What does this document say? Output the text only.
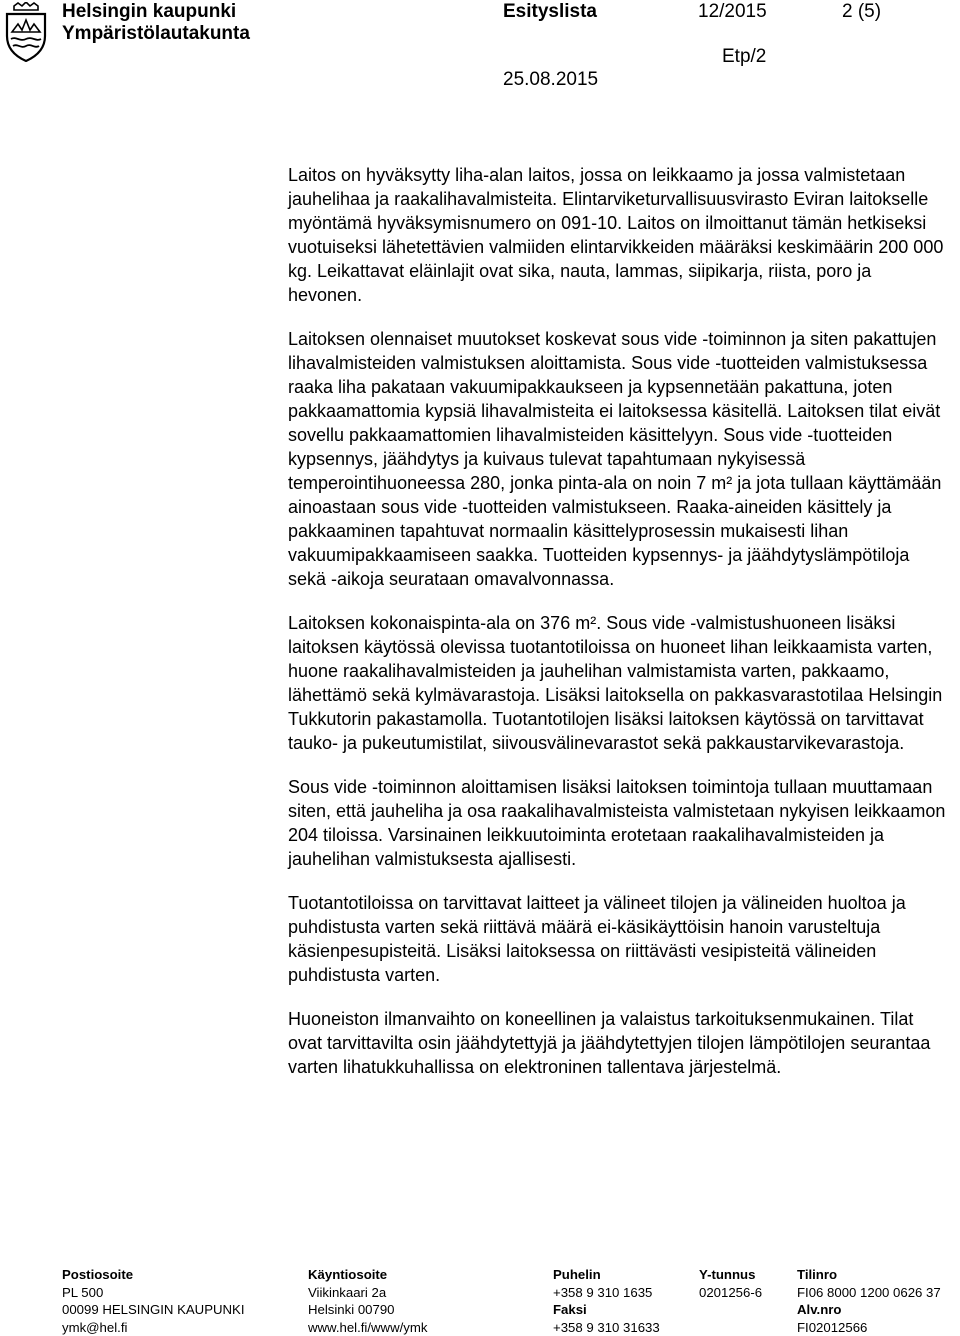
Helsingin kaupunki
Ympäristölautakunta
Esityslista	12/2015	2 (5)
Etp/2
25.08.2015

Laitos on hyväksytty liha-alan laitos, jossa on leikkaamo ja jossa valmistetaan jauhelihaa ja raakalihavalmisteita. Elintarviketurvallisuusvirasto Eviran laitokselle myöntämä hyväksymisnumero on 091-10. Laitos on ilmoittanut tämän hetkiseksi vuotuiseksi lähetettävien valmiiden elintarvikkeiden määräksi keskimäärin 200 000 kg. Leikattavat eläinlajit ovat sika, nauta, lammas, siipikarja, riista, poro ja hevonen.

Laitoksen olennaiset muutokset koskevat sous vide -toiminnon ja siten pakattujen lihavalmisteiden valmistuksen aloittamista. Sous vide -tuotteiden valmistuksessa raaka liha pakataan vakuumipakkaukseen ja kypsennetään pakattuna, joten pakkaamattomia kypsiä lihavalmisteita ei laitoksessa käsitellä. Laitoksen tilat eivät sovellu pakkaamattomien lihavalmisteiden käsittelyyn. Sous vide -tuotteiden kypsennys, jäähdytys ja kuivaus tulevat tapahtumaan nykyisessä temperointihuoneessa 280, jonka pinta-ala on noin 7 m² ja jota tullaan käyttämään ainoastaan sous vide -tuotteiden valmistukseen. Raaka-aineiden käsittely ja pakkaaminen tapahtuvat normaalin käsittelyprosessin mukaisesti lihan vakuumipakkaamiseen saakka. Tuotteiden kypsennys- ja jäähdytyslämpötiloja sekä -aikoja seurataan omavalvonnassa.

Laitoksen kokonaispinta-ala on 376 m². Sous vide -valmistushuoneen lisäksi laitoksen käytössä olevissa tuotantotiloissa on huoneet lihan leikkaamista varten, huone raakalihavalmisteiden ja jauhelihan valmistamista varten, pakkaamo, lähettämö sekä kylmävarastoja. Lisäksi laitoksella on pakkasvarastotilaa Helsingin Tukkutorin pakastamolla. Tuotantotilojen lisäksi laitoksen käytössä on tarvittavat tauko- ja pukeutumistilat, siivousvälinevarastot sekä pakkaustarvikevarastoja.

Sous vide -toiminnon aloittamisen lisäksi laitoksen toimintoja tullaan muuttamaan siten, että jauheliha ja osa raakalihavalmisteista valmistetaan nykyisen leikkaamon 204 tiloissa. Varsinainen leikkuutoiminta erotetaan raakalihavalmisteiden ja jauhelihan valmistuksesta ajallisesti.

Tuotantotiloissa on tarvittavat laitteet ja välineet tilojen ja välineiden huoltoa ja puhdistusta varten sekä riittävä määrä ei-käsikäyttöisin hanoin varusteltuja käsienpesupisteitä. Lisäksi laitoksessa on riittävästi vesipisteitä välineiden puhdistusta varten.

Huoneiston ilmanvaihto on koneellinen ja valaistus tarkoituksenmukainen. Tilat ovat tarvittavilta osin jäähdytettyjä ja jäähdytettyjen tilojen lämpötilojen seurantaa varten lihatukkuhallissa on elektroninen tallentava järjestelmä.

Postiosoite
PL 500
00099 HELSINGIN KAUPUNKI
ymk@hel.fi
Käyntiosoite
Viikinkaari 2a
Helsinki 00790
www.hel.fi/www/ymk
Puhelin
+358 9 310 1635
Faksi
+358 9 310 31633
Y-tunnus
0201256-6
Tilinro
FI06 8000 1200 0626 37
Alv.nro
FI02012566
